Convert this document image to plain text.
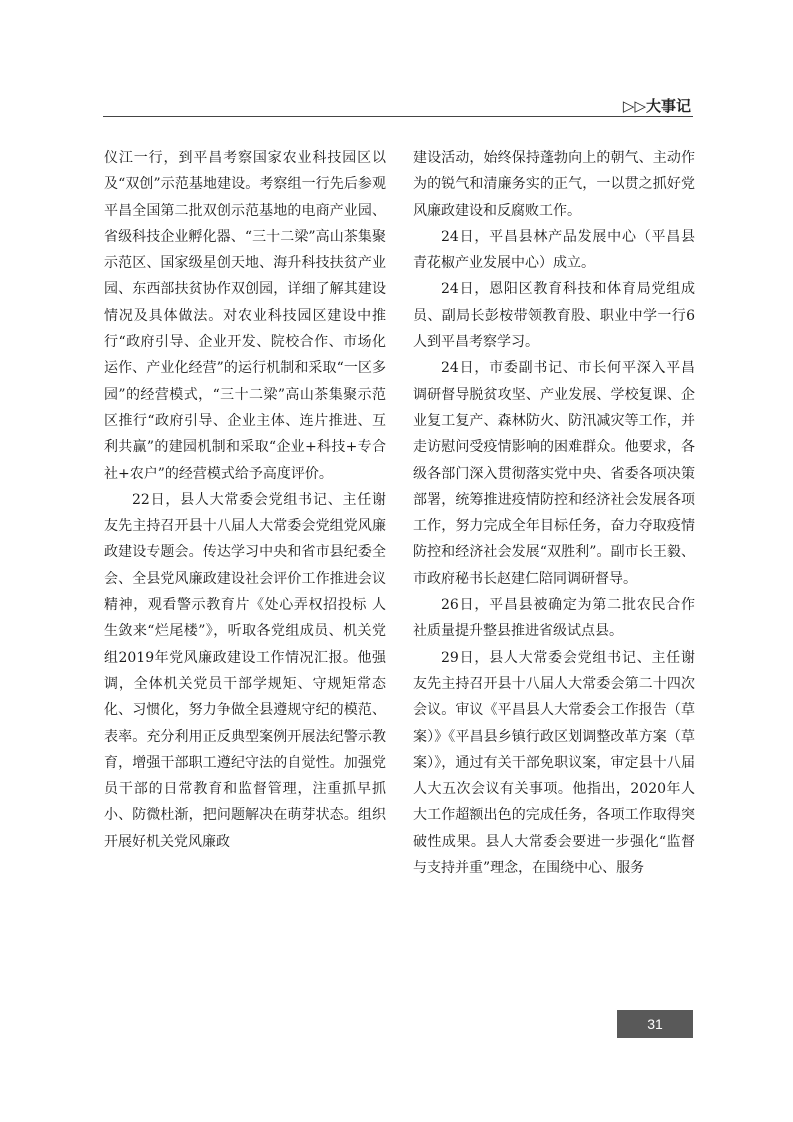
▷▷大事记

仪江一行，到平昌考察国家农业科技园区以及“双创”示范基地建设。考察组一行先后参观平昌全国第二批双创示范基地的电商产业园、省级科技企业孵化器、“三十二梁”高山茶集聚示范区、国家级星创天地、海升科技扶贫产业园、东西部扶贫协作双创园，详细了解其建设情况及具体做法。对农业科技园区建设中推行“政府引导、企业开发、院校合作、市场化运作、产业化经营”的运行机制和采取“一区多园”的经营模式，“三十二梁”高山茶集聚示范区推行“政府引导、企业主体、连片推进、互利共赢”的建园机制和采取“企业+科技+专合社+农户”的经营模式给予高度评价。

22日，县人大常委会党组书记、主任谢友先主持召开县十八届人大常委会党组党风廉政建设专题会。传达学习中央和省市县纪委全会、全县党风廉政建设社会评价工作推进会议精神，观看警示教育片《处心弄权招投标 人生敛来“烂尾楼”》，听取各党组成员、机关党组2019年党风廉政建设工作情况汇报。他强调，全体机关党员干部学规矩、守规矩常态化、习惯化，努力争做全县遵规守纪的模范、表率。充分利用正反典型案例开展法纪警示教育，增强干部职工遵纪守法的自觉性。加强党员干部的日常教育和监督管理，注重抓早抓小、防微杜渐，把问题解决在萌芽状态。组织开展好机关党风廉政

建设活动，始终保持蓬勃向上的朝气、主动作为的锐气和清廉务实的正气，一以贯之抓好党风廉政建设和反腐败工作。

24日，平昌县林产品发展中心（平昌县青花椒产业发展中心）成立。

24日，恩阳区教育科技和体育局党组成员、副局长彭桉带领教育股、职业中学一行6人到平昌考察学习。

24日，市委副书记、市长何平深入平昌调研督导脱贫攻坚、产业发展、学校复课、企业复工复产、森林防火、防汛减灾等工作，并走访慰问受疫情影响的困难群众。他要求，各级各部门深入贯彻落实党中央、省委各项决策部署，统筹推进疫情防控和经济社会发展各项工作，努力完成全年目标任务，奋力夺取疫情防控和经济社会发展“双胜利”。副市长王毅、市政府秘书长赵建仁陪同调研督导。

26日，平昌县被确定为第二批农民合作社质量提升整县推进省级试点县。

29日，县人大常委会党组书记、主任谢友先主持召开县十八届人大常委会第二十四次会议。审议《平昌县人大常委会工作报告（草案）》《平昌县乡镇行政区划调整改革方案（草案）》，通过有关干部免职议案，审定县十八届人大五次会议有关事项。他指出，2020年人大工作超额出色的完成任务，各项工作取得突破性成果。县人大常委会要进一步强化“监督与支持并重”理念，在围绕中心、服务

31
